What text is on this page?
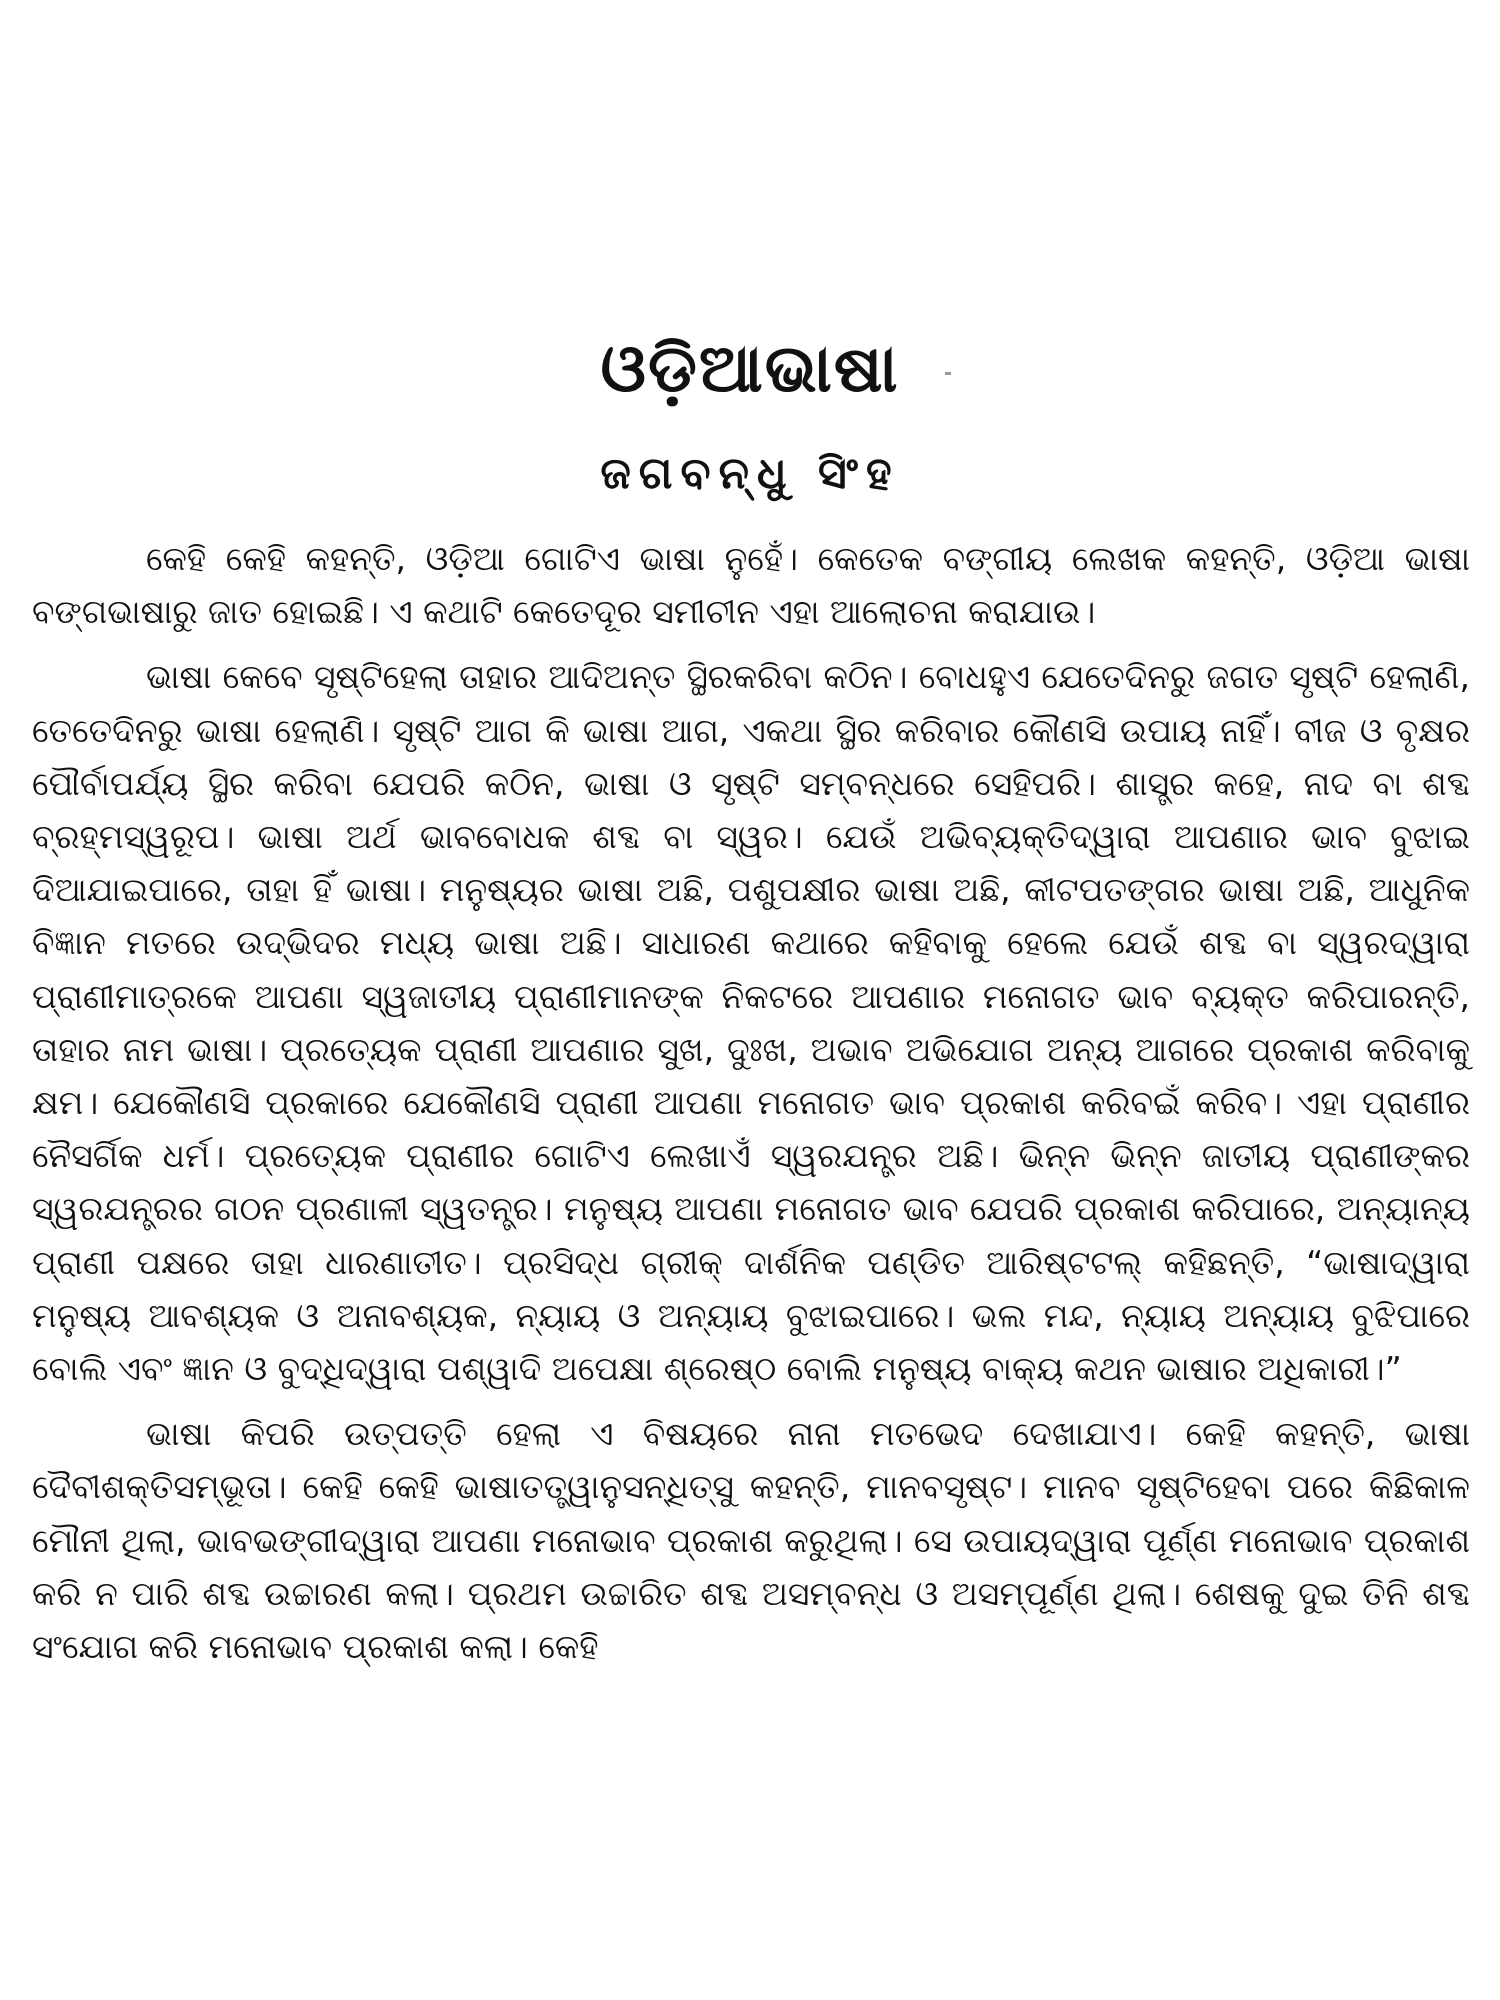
ଓଡ଼ିଆଭାଷା
ଜଗବନ୍ଧୁ ସିଂହ

କେହି କେହି କହନ୍ତି, ଓଡ଼ିଆ ଗୋଟିଏ ଭାଷା ନୁହେଁ। କେତେକ ବଙ୍ଗୀୟ ଲେଖକ କହନ୍ତି, ଓଡ଼ିଆ ଭାଷା ବଙ୍ଗଭାଷାରୁ ଜାତ ହୋଇଛି। ଏ କଥାଟି କେତେଦୂର ସମୀଚୀନ ଏହା ଆଲୋଚନା କରାଯାଉ।

ଭାଷା କେବେ ସୃଷ୍ଟିହେଲା ତାହାର ଆଦିଅନ୍ତ ସ୍ଥିରକରିବା କଠିନ। ବୋଧହୁଏ ଯେତେଦିନରୁ ଜଗତ ସୃଷ୍ଟି ହେଲାଣି, ତେତେଦିନରୁ ଭାଷା ହେଲାଣି। ସୃଷ୍ଟି ଆଗ କି ଭାଷା ଆଗ, ଏକଥା ସ୍ଥିର କରିବାର କୌଣସି ଉପାୟ ନାହିଁ। ବୀଜ ଓ ବୃକ୍ଷର ପୌର୍ବାପର୍ଯ୍ୟ ସ୍ଥିର କରିବା ଯେପରି କଠିନ, ଭାଷା ଓ ସୃଷ୍ଟି ସମ୍ବନ୍ଧରେ ସେହିପରି। ଶାସ୍ତ୍ର କହେ, ନାଦ ବା ଶବ୍ଦ ବ୍ରହ୍ମସ୍ୱରୂପ। ଭାଷା ଅର୍ଥ ଭାବବୋଧକ ଶବ୍ଦ ବା ସ୍ୱର। ଯେଉଁ ଅଭିବ୍ୟକ୍ତିଦ୍ୱାରା ଆପଣାର ଭାବ ବୁଝାଇ ଦିଆଯାଇପାରେ, ତାହା ହିଁ ଭାଷା। ମନୁଷ୍ୟର ଭାଷା ଅଛି, ପଶୁପକ୍ଷୀର ଭାଷା ଅଛି, କୀଟପତଙ୍ଗର ଭାଷା ଅଛି, ଆଧୁନିକ ବିଜ୍ଞାନ ମତରେ ଉଦ୍ଭିଦର ମଧ୍ୟ ଭାଷା ଅଛି। ସାଧାରଣ କଥାରେ କହିବାକୁ ହେଲେ ଯେଉଁ ଶବ୍ଦ ବା ସ୍ୱରଦ୍ୱାରା ପ୍ରାଣୀମାତ୍ରକେ ଆପଣା ସ୍ୱଜାତୀୟ ପ୍ରାଣୀମାନଙ୍କ ନିକଟରେ ଆପଣାର ମନୋଗତ ଭାବ ବ୍ୟକ୍ତ କରିପାରନ୍ତି, ତାହାର ନାମ ଭାଷା। ପ୍ରତ୍ୟେକ ପ୍ରାଣୀ ଆପଣାର ସୁଖ, ଦୁଃଖ, ଅଭାବ ଅଭିଯୋଗ ଅନ୍ୟ ଆଗରେ ପ୍ରକାଶ କରିବାକୁ କ୍ଷମ। ଯେକୌଣସି ପ୍ରକାରେ ଯେକୌଣସି ପ୍ରାଣୀ ଆପଣା ମନୋଗତ ଭାବ ପ୍ରକାଶ କରିବଇଁ କରିବ। ଏହା ପ୍ରାଣୀର ନୈସର୍ଗିକ ଧର୍ମ। ପ୍ରତ୍ୟେକ ପ୍ରାଣୀର ଗୋଟିଏ ଲେଖାଏଁ ସ୍ୱରଯନ୍ତ୍ର ଅଛି। ଭିନ୍ନ ଭିନ୍ନ ଜାତୀୟ ପ୍ରାଣୀଙ୍କର ସ୍ୱରଯନ୍ତ୍ରର ଗଠନ ପ୍ରଣାଳୀ ସ୍ୱତନ୍ତ୍ର। ମନୁଷ୍ୟ ଆପଣା ମନୋଗତ ଭାବ ଯେପରି ପ୍ରକାଶ କରିପାରେ, ଅନ୍ୟାନ୍ୟ ପ୍ରାଣୀ ପକ୍ଷରେ ତାହା ଧାରଣାତୀତ। ପ୍ରସିଦ୍ଧ ଗ୍ରୀକ୍ ଦାର୍ଶନିକ ପଣ୍ଡିତ ଆରିଷ୍ଟଟଲ୍ କହିଛନ୍ତି, “ଭାଷାଦ୍ୱାରା ମନୁଷ୍ୟ ଆବଶ୍ୟକ ଓ ଅନାବଶ୍ୟକ, ନ୍ୟାୟ ଓ ଅନ୍ୟାୟ ବୁଝାଇପାରେ। ଭଲ ମନ୍ଦ, ନ୍ୟାୟ ଅନ୍ୟାୟ ବୁଝିପାରେ ବୋଲି ଏବଂ ଜ୍ଞାନ ଓ ବୁଦ୍ଧିଦ୍ୱାରା ପଶ୍ୱାଦି ଅପେକ୍ଷା ଶ୍ରେଷ୍ଠ ବୋଲି ମନୁଷ୍ୟ ବାକ୍ୟ କଥନ ଭାଷାର ଅଧିକାରୀ।”

ଭାଷା କିପରି ଉତ୍ପତ୍ତି ହେଲା ଏ ବିଷୟରେ ନାନା ମତଭେଦ ଦେଖାଯାଏ। କେହି କହନ୍ତି, ଭାଷା ଦୈବୀଶକ୍ତିସମ୍ଭୂତା। କେହି କେହି ଭାଷାତତ୍ତ୍ୱାନୁସନ୍ଧିତ୍ସୁ କହନ୍ତି, ମାନବସୃଷ୍ଟ। ମାନବ ସୃଷ୍ଟିହେବା ପରେ କିଛିକାଳ ମୌନୀ ଥିଲା, ଭାବଭଙ୍ଗୀଦ୍ୱାରା ଆପଣା ମନୋଭାବ ପ୍ରକାଶ କରୁଥିଲା। ସେ ଉପାୟଦ୍ୱାରା ପୂର୍ଣ୍ଣ ମନୋଭାବ ପ୍ରକାଶ କରି ନ ପାରି ଶବ୍ଦ ଉଚ୍ଚାରଣ କଲା। ପ୍ରଥମ ଉଚ୍ଚାରିତ ଶବ୍ଦ ଅସମ୍ବନ୍ଧ ଓ ଅସମ୍ପୂର୍ଣ୍ଣ ଥିଲା। ଶେଷକୁ ଦୁଇ ତିନି ଶବ୍ଦ ସଂଯୋଗ କରି ମନୋଭାବ ପ୍ରକାଶ କଲା। କେହି
